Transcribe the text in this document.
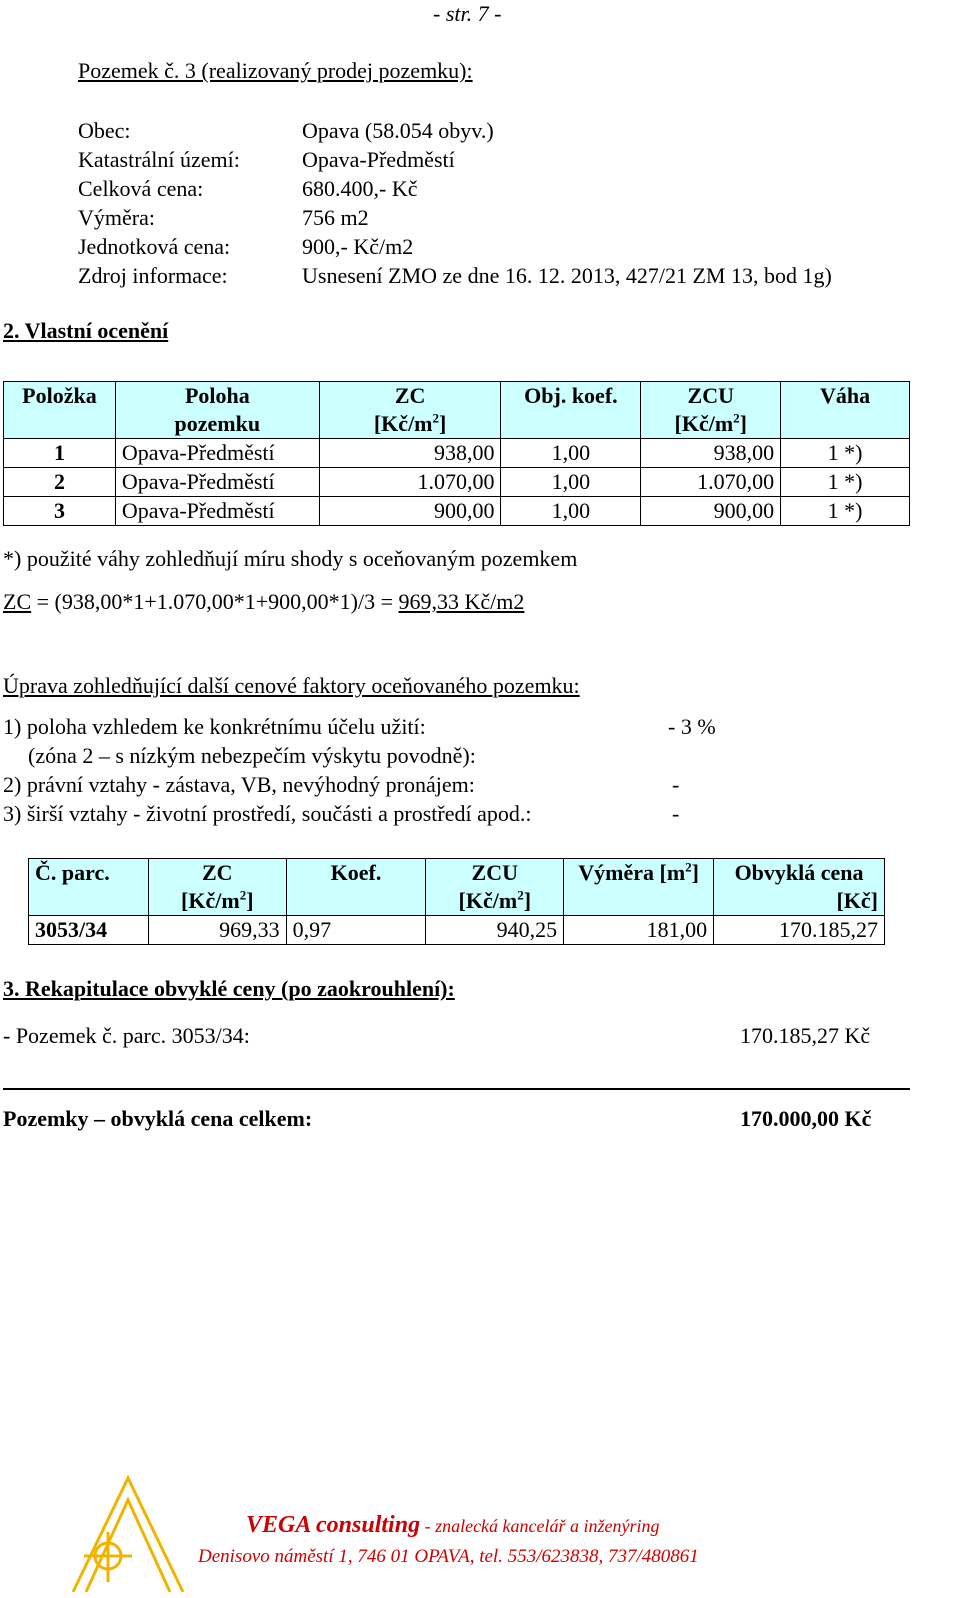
- str. 7 -
Pozemek č. 3 (realizovaný prodej pozemku):
Obec:	Opava (58.054 obyv.)
Katastrální území:	Opava-Předměstí
Celková cena:	680.400,- Kč
Výměra:	756 m2
Jednotková cena:	900,- Kč/m2
Zdroj informace:	Usnesení ZMO ze dne 16. 12. 2013, 427/21 ZM 13, bod 1g)
2. Vlastní ocenění
Položka	Poloha	ZC	Obj. koef.	ZCU	Váha
	pozemku	$[Kč/m^2]$		$[Kč/m^2]$	
1	Opava-Předměstí	938,00	1,00	938,00	1 *)
2	Opava-Předměstí	1.070,00	1,00	1.070,00	1 *)
3	Opava-Předměstí	900,00	1,00	900,00	1 *)
*) použité váhy zohledňují míru shody s oceňovaným pozemkem
ZC = (938,00*1+1.070,00*1+900,00*1)/3 = 969,33 Kč/m2
Úprava zohledňující další cenové faktory oceňovaného pozemku:
1) poloha vzhledem ke konkrétnímu účelu užití:	- 3 %
(zóna 2 – s nízkým nebezpečím výskytu povodně):
2) právní vztahy - zástava, VB, nevýhodný pronájem:	-
3) širší vztahy - životní prostředí, součásti a prostředí apod.:	-
Č. parc.	ZC	Koef.	ZCU	Výměra $[m^2]$	Obvyklá cena
	$[Kč/m^2]$		$[Kč/m^2]$		[Kč]
3053/34	969,33	0,97	940,25	181,00	170.185,27
3. Rekapitulace obvyklé ceny (po zaokrouhlení):
- Pozemek č. parc. 3053/34:	170.185,27 Kč
Pozemky – obvyklá cena celkem:	170.000,00 Kč
VEGA consulting - znalecká kancelář a inženýring
Denisovo náměstí 1, 746 01 OPAVA, tel. 553/623838, 737/480861
